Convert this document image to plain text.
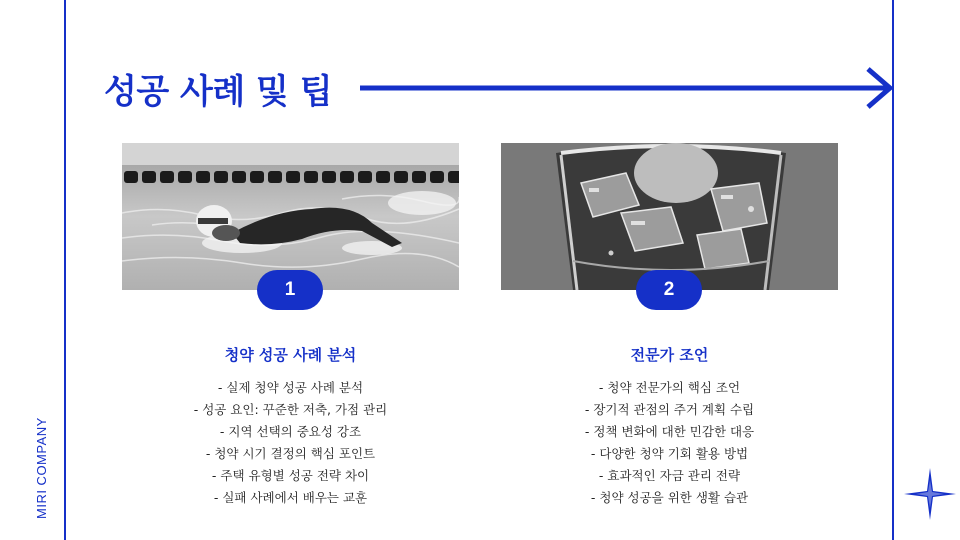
MIRI COMPANY
성공 사례 및 팁
1	2
청약 성공 사례 분석	전문가 조언
- 실제 청약 성공 사례 분석
- 성공 요인: 꾸준한 저축, 가점 관리
- 지역 선택의 중요성 강조
- 청약 시기 결정의 핵심 포인트
- 주택 유형별 성공 전략 차이
- 실패 사례에서 배우는 교훈
- 청약 전문가의 핵심 조언
- 장기적 관점의 주거 계획 수립
- 정책 변화에 대한 민감한 대응
- 다양한 청약 기회 활용 방법
- 효과적인 자금 관리 전략
- 청약 성공을 위한 생활 습관
